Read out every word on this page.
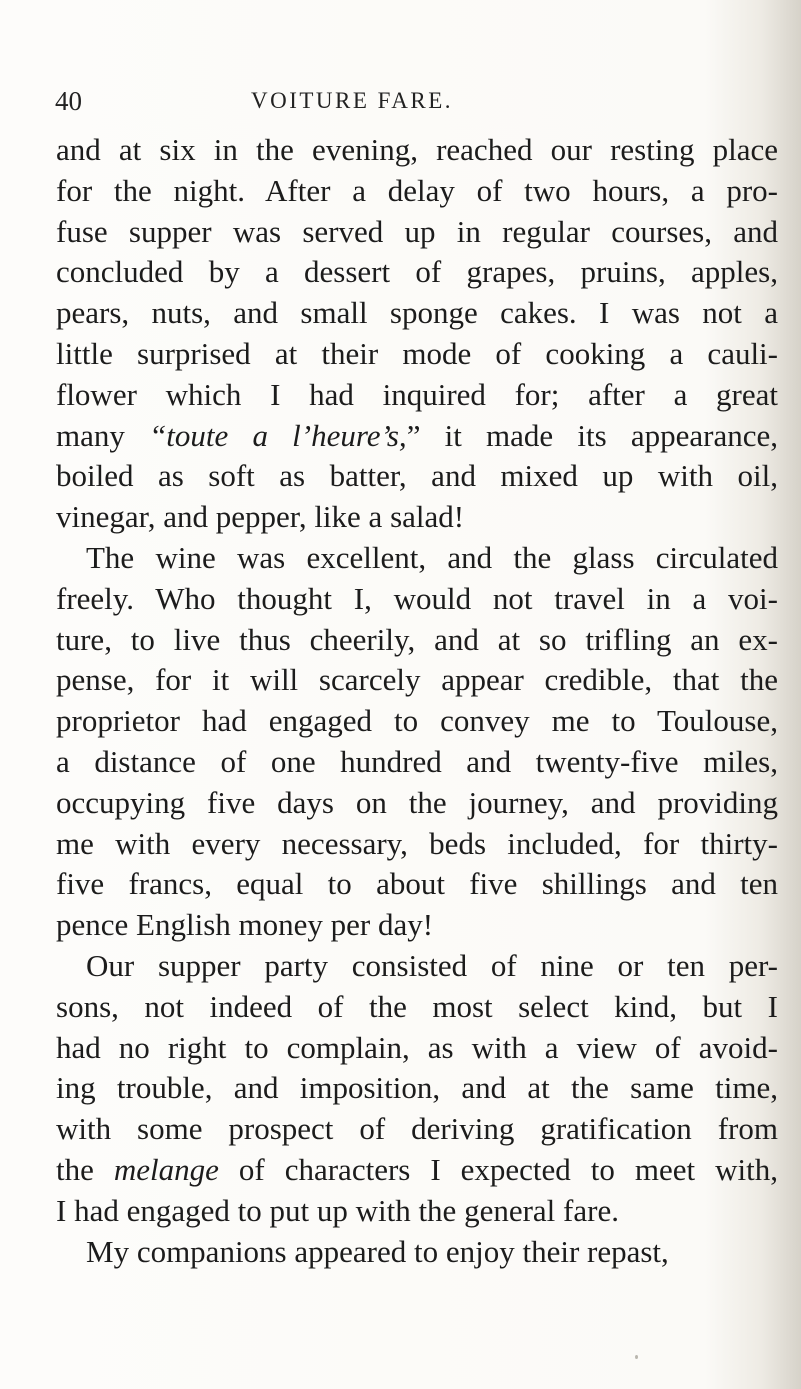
40	VOITURE FARE.
and at six in the evening, reached our resting place
for the night. After a delay of two hours, a pro-
fuse supper was served up in regular courses, and
concluded by a dessert of grapes, pruins, apples,
pears, nuts, and small sponge cakes. I was not a
little surprised at their mode of cooking a cauli-
flower which I had inquired for; after a great
many “toute a l’heure’s,” it made its appearance,
boiled as soft as batter, and mixed up with oil,
vinegar, and pepper, like a salad!
The wine was excellent, and the glass circulated
freely. Who thought I, would not travel in a voi-
ture, to live thus cheerily, and at so trifling an ex-
pense, for it will scarcely appear credible, that the
proprietor had engaged to convey me to Toulouse,
a distance of one hundred and twenty-five miles,
occupying five days on the journey, and providing
me with every necessary, beds included, for thirty-
five francs, equal to about five shillings and ten
pence English money per day!
Our supper party consisted of nine or ten per-
sons, not indeed of the most select kind, but I
had no right to complain, as with a view of avoid-
ing trouble, and imposition, and at the same time,
with some prospect of deriving gratification from
the melange of characters I expected to meet with,
I had engaged to put up with the general fare.
My companions appeared to enjoy their repast,
